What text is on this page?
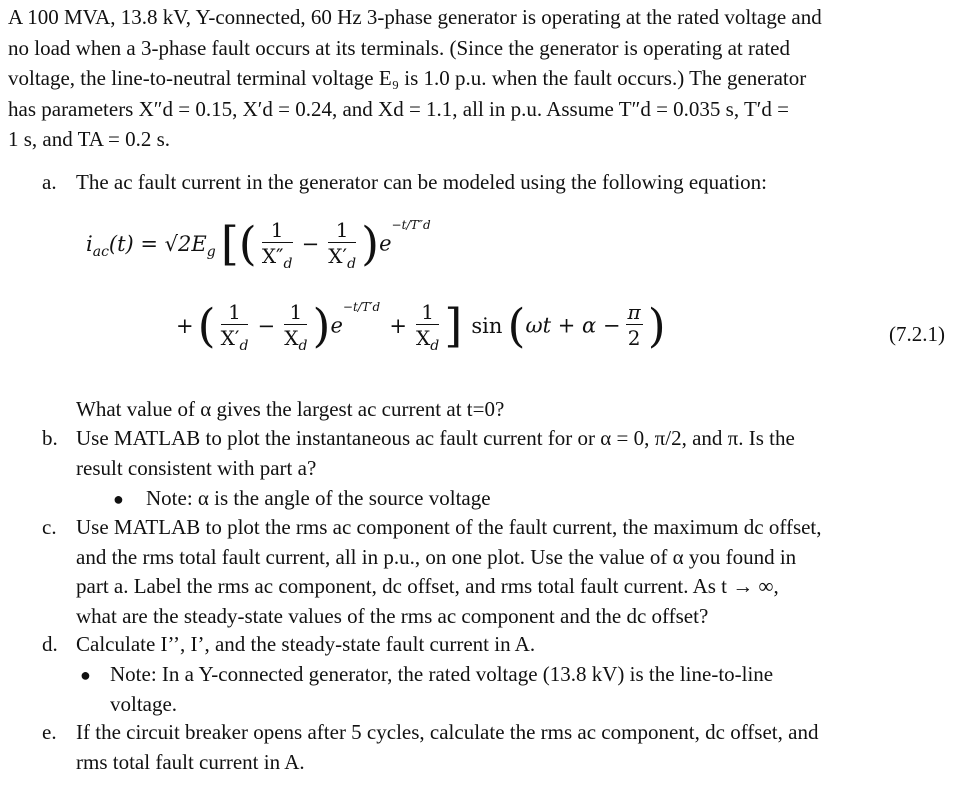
A 100 MVA, 13.8 kV, Y-connected, 60 Hz 3-phase generator is operating at the rated voltage and
no load when a 3-phase fault occurs at its terminals. (Since the generator is operating at rated
voltage, the line-to-neutral terminal voltage E₉ is 1.0 p.u. when the fault occurs.) The generator
has parameters X″d = 0.15, X′d = 0.24, and Xd = 1.1, all in p.u. Assume T″d = 0.035 s, T′d =
1 s, and TA = 0.2 s.
a. The ac fault current in the generator can be modeled using the following equation:
$i_{ac}(t) = √2E_g$ [( $\frac{1}{X''_d} - \frac{1}{X'_d} )e^{-t/T''d}$
+( $\frac{1}{X'_d} - \frac{1}{X_d} )e^{-t/T'd} + \frac{1}{X_d}$ ] $\sin (\omega t + \alpha - \frac{\pi}{2}$ )	(7.2.1)
What value of α gives the largest ac current at t=0?
b. Use MATLAB to plot the instantaneous ac fault current for or α = 0, π/2, and π. Is the
result consistent with part a?
● Note: α is the angle of the source voltage
c. Use MATLAB to plot the rms ac component of the fault current, the maximum dc offset,
and the rms total fault current, all in p.u., on one plot. Use the value of α you found in
part a. Label the rms ac component, dc offset, and rms total fault current. As t → ∞,
what are the steady-state values of the rms ac component and the dc offset?
d. Calculate I’’, I’, and the steady-state fault current in A.
● Note: In a Y-connected generator, the rated voltage (13.8 kV) is the line-to-line
voltage.
e. If the circuit breaker opens after 5 cycles, calculate the rms ac component, dc offset, and
rms total fault current in A.
